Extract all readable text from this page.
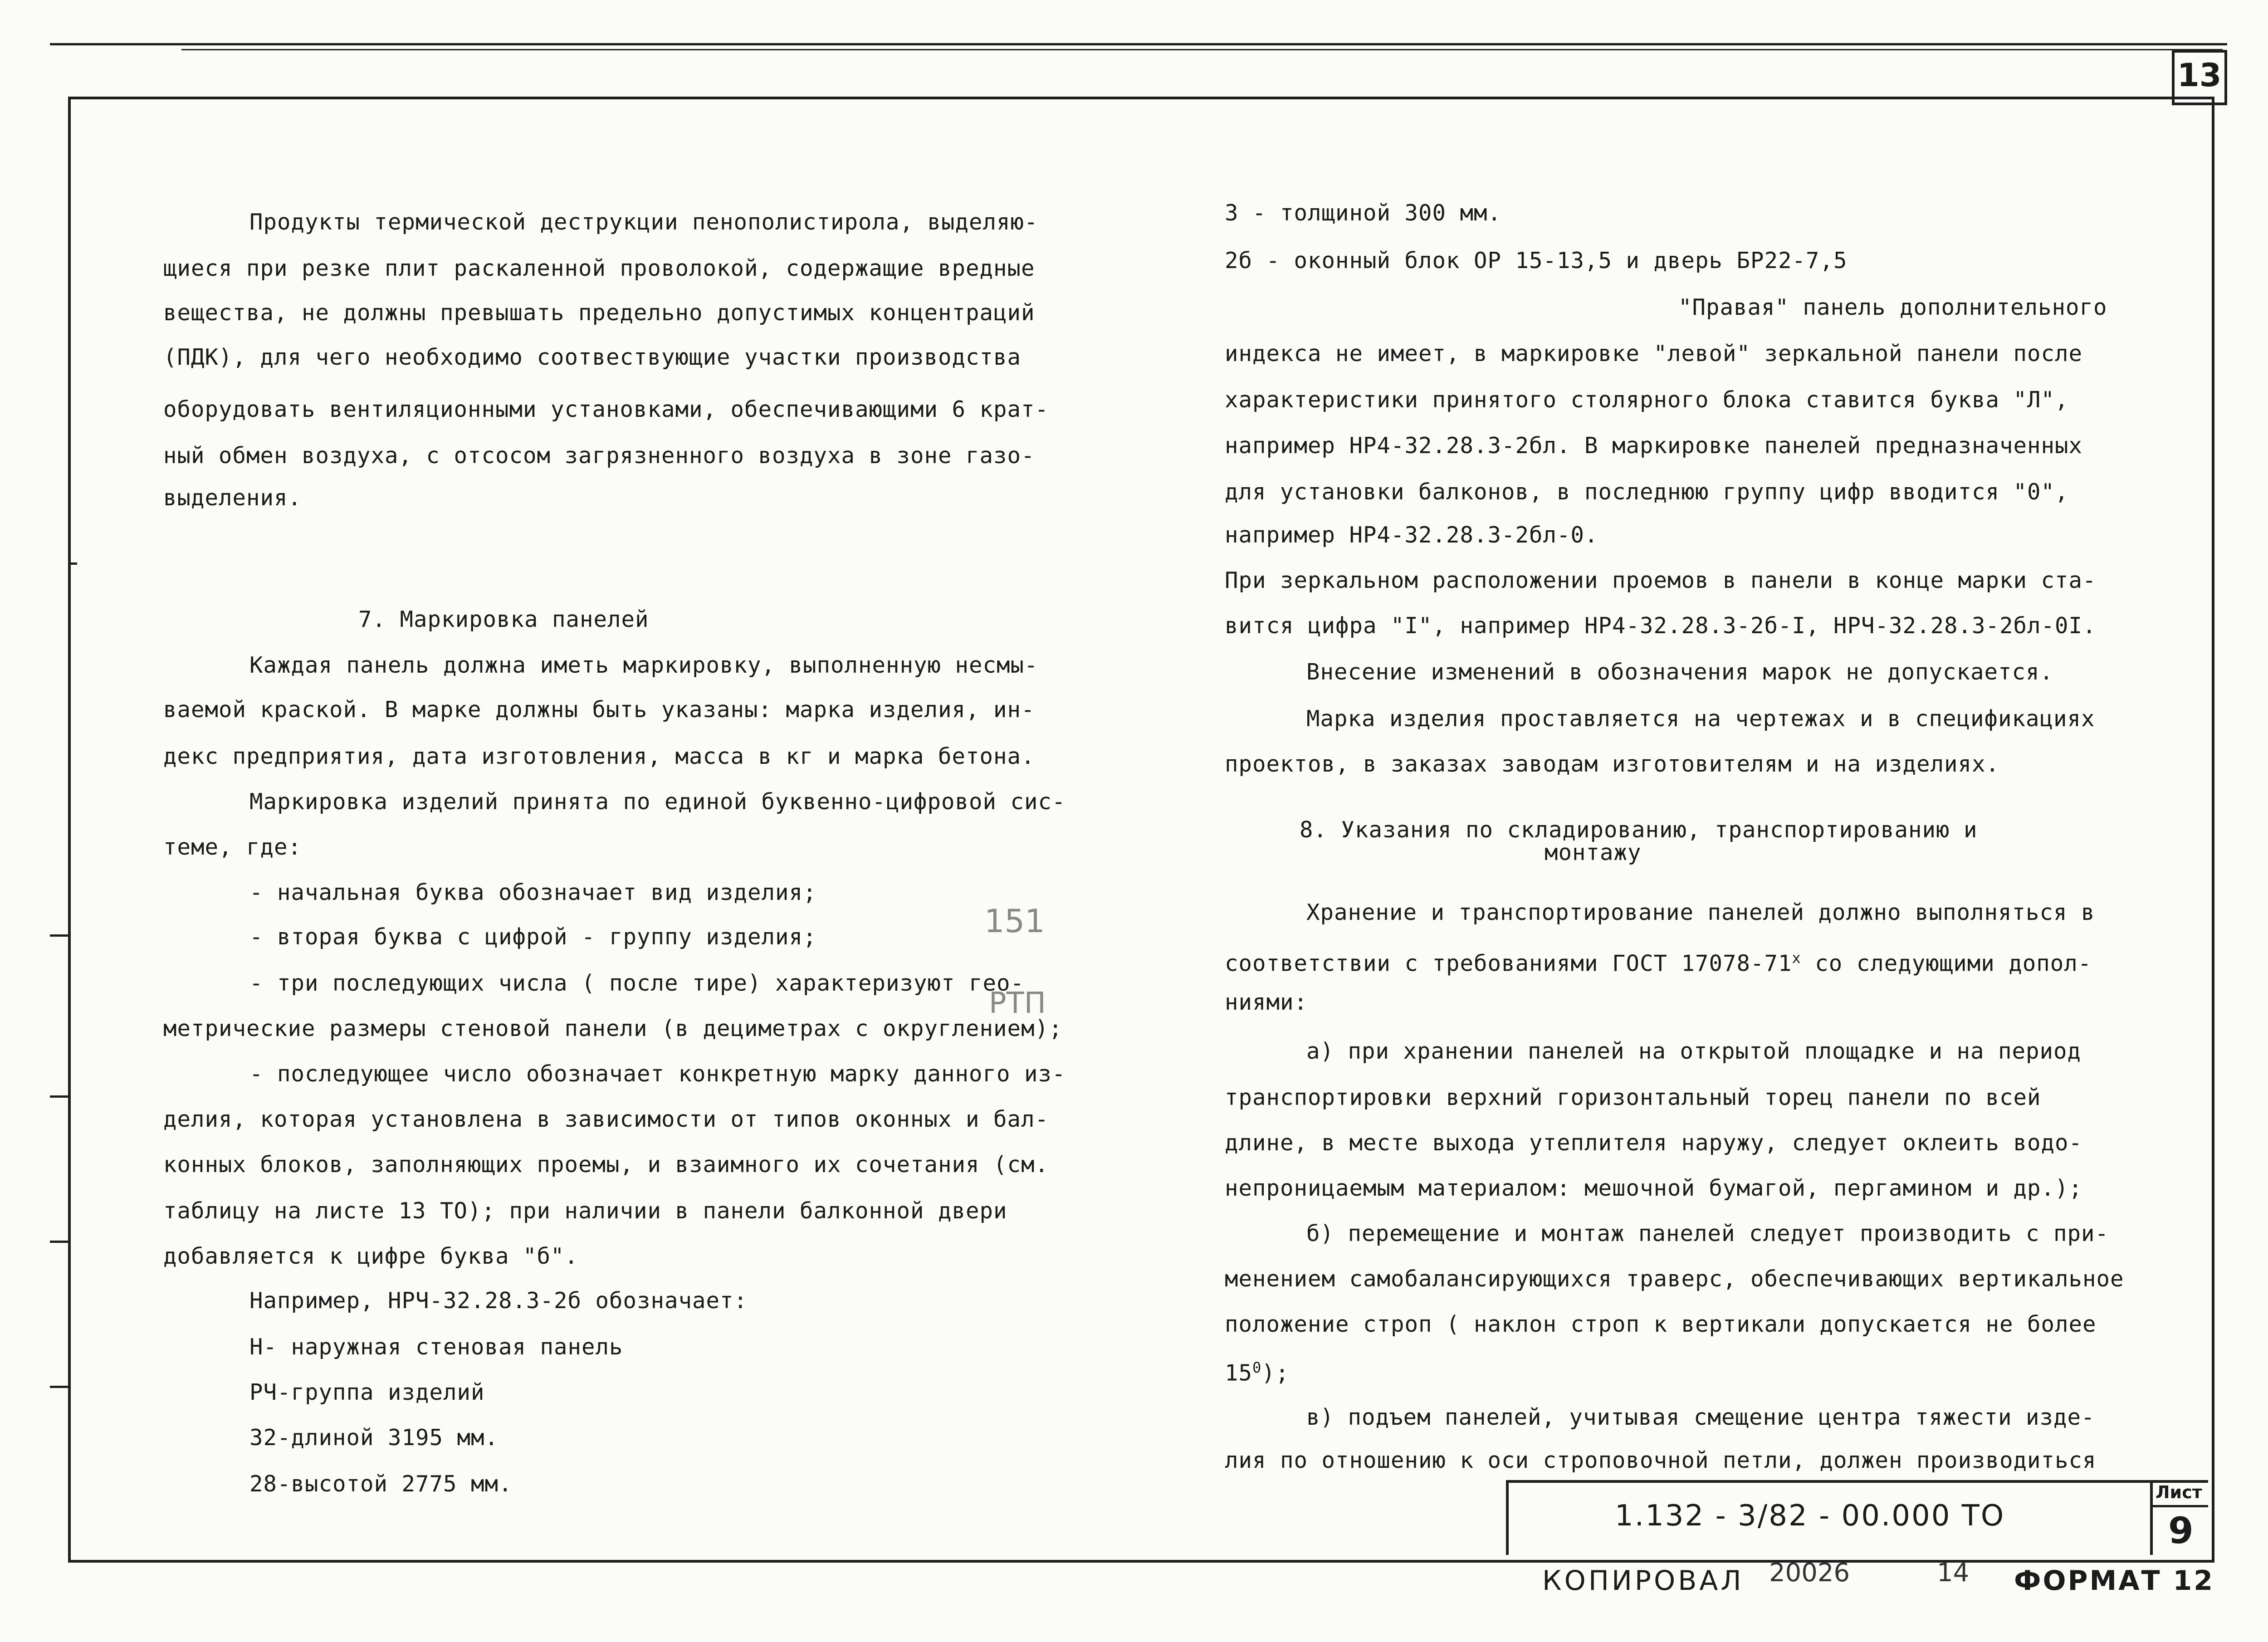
13
Продукты термической деструкции пенополистирола, выделяю-
щиеся при резке плит раскаленной проволокой, содержащие вредные
вещества, не должны превышать предельно допустимых концентраций
(ПДК), для чего необходимо соотвествующие участки производства
оборудовать вентиляционными установками, обеспечивающими 6 крат-
ный обмен воздуха, с отсосом загрязненного воздуха в зоне газо-
выделения.
7. Маркировка панелей
Каждая панель должна иметь маркировку, выполненную несмы-
ваемой краской. В марке должны быть указаны: марка изделия, ин-
декс предприятия, дата изготовления, масса в кг и марка бетона.
Маркировка изделий принята по единой буквенно-цифровой сис-
теме, где:
- начальная буква обозначает вид изделия;
- вторая буква с цифрой - группу изделия;
- три последующих числа ( после тире) характеризуют гео-
метрические размеры стеновой панели (в дециметрах с округлением);
- последующее число обозначает конкретную марку данного из-
делия, которая установлена в зависимости от типов оконных и бал-
конных блоков, заполняющих проемы, и взаимного их сочетания (см.
таблицу на листе 13 ТО); при наличии в панели балконной двери
добавляется к цифре буква "б".
Например, НРЧ-32.28.3-2б обозначает:
Н- наружная стеновая панель
РЧ-группа изделий
32-длиной 3195 мм.
28-высотой 2775 мм.
151
РТП
3 - толщиной 300 мм.
2б - оконный блок ОР 15-13,5 и дверь БР22-7,5
"Правая" панель дополнительного
индекса не имеет, в маркировке "левой" зеркальной панели после
характеристики принятого столярного блока ставится буква "Л",
например НР4-32.28.3-2бл. В маркировке панелей предназначенных
для установки балконов, в последнюю группу цифр вводится "0",
например НР4-32.28.3-2бл-0.
При зеркальном расположении проемов в панели в конце марки ста-
вится цифра "I", например НР4-32.28.3-2б-I, НРЧ-32.28.3-2бл-0I.
Внесение изменений в обозначения марок не допускается.
Марка изделия проставляется на чертежах и в спецификациях
проектов, в заказах заводам изготовителям и на изделиях.
8. Указания по складированию, транспортированию и
монтажу
Хранение и транспортирование панелей должно выполняться в
соответствии с требованиями ГОСТ 17078-71$^x$ со следующими допол-
ниями:
а) при хранении панелей на открытой площадке и на период
транспортировки верхний горизонтальный торец панели по всей
длине, в месте выхода утеплителя наружу, следует оклеить водо-
непроницаемым материалом: мешочной бумагой, пергамином и др.);
б) перемещение и монтаж панелей следует производить с при-
менением самобалансирующихся траверс, обеспечивающих вертикальное
положение строп ( наклон строп к вертикали допускается не более
$15^0$);
в) подъем панелей, учитывая смещение центра тяжести изде-
лия по отношению к оси строповочной петли, должен производиться
1.132 - 3/82 - 00.000 ТО
Лист
9
КОПИРОВАЛ 20026	14 ФОРМАТ 12
